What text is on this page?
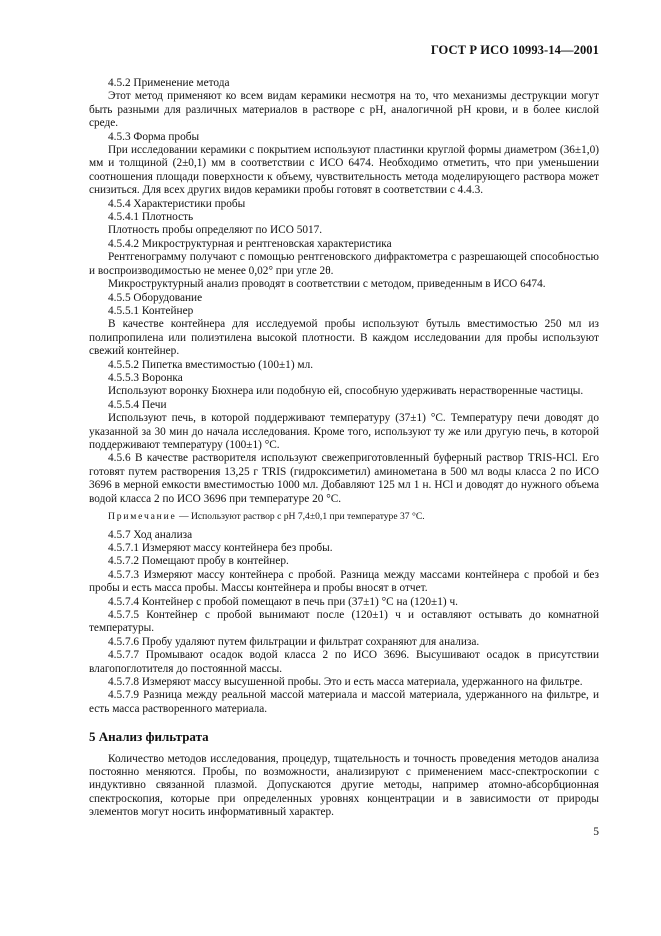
ГОСТ Р ИСО 10993-14—2001

4.5.2 Применение метода

Этот метод применяют ко всем видам керамики несмотря на то, что механизмы деструкции могут быть разными для различных материалов в растворе с pH, аналогичной pH крови, и в более кислой среде.

4.5.3 Форма пробы

При исследовании керамики с покрытием используют пластинки круглой формы диаметром (36±1,0) мм и толщиной (2±0,1) мм в соответствии с ИСО 6474. Необходимо отметить, что при уменьшении соотношения площади поверхности к объему, чувствительность метода моделирующего раствора может снизиться. Для всех других видов керамики пробы готовят в соответствии с 4.4.3.

4.5.4 Характеристики пробы

4.5.4.1 Плотность

Плотность пробы определяют по ИСО 5017.

4.5.4.2 Микроструктурная и рентгеновская характеристика

Рентгенограмму получают с помощью рентгеновского дифрактометра с разрешающей способностью и воспроизводимостью не менее 0,02° при угле 2θ.

Микроструктурный анализ проводят в соответствии с методом, приведенным в ИСО 6474.

4.5.5 Оборудование

4.5.5.1 Контейнер

В качестве контейнера для исследуемой пробы используют бутыль вместимостью 250 мл из полипропилена или полиэтилена высокой плотности. В каждом исследовании для пробы используют свежий контейнер.

4.5.5.2 Пипетка вместимостью (100±1) мл.

4.5.5.3 Воронка

Используют воронку Бюхнера или подобную ей, способную удерживать нерастворенные частицы.

4.5.5.4 Печи

Используют печь, в которой поддерживают температуру (37±1) °С. Температуру печи доводят до указанной за 30 мин до начала исследования. Кроме того, используют ту же или другую печь, в которой поддерживают температуру (100±1) °С.

4.5.6 В качестве растворителя используют свежеприготовленный буферный раствор TRIS-HCl. Его готовят путем растворения 13,25 г TRIS (гидроксиметил) аминометана в 500 мл воды класса 2 по ИСО 3696 в мерной емкости вместимостью 1000 мл. Добавляют 125 мл 1 н. HCl и доводят до нужного объема водой класса 2 по ИСО 3696 при температуре 20 °С.

Примечание — Используют раствор с pH 7,4±0,1 при температуре 37 °С.

4.5.7 Ход анализа

4.5.7.1 Измеряют массу контейнера без пробы.

4.5.7.2 Помещают пробу в контейнер.

4.5.7.3 Измеряют массу контейнера с пробой. Разница между массами контейнера с пробой и без пробы и есть масса пробы. Массы контейнера и пробы вносят в отчет.

4.5.7.4 Контейнер с пробой помещают в печь при (37±1) °С на (120±1) ч.

4.5.7.5 Контейнер с пробой вынимают после (120±1) ч и оставляют остывать до комнатной температуры.

4.5.7.6 Пробу удаляют путем фильтрации и фильтрат сохраняют для анализа.

4.5.7.7 Промывают осадок водой класса 2 по ИСО 3696. Высушивают осадок в присутствии влагопоглотителя до постоянной массы.

4.5.7.8 Измеряют массу высушенной пробы. Это и есть масса материала, удержанного на фильтре.

4.5.7.9 Разница между реальной массой материала и массой материала, удержанного на фильтре, и есть масса растворенного материала.

5 Анализ фильтрата

Количество методов исследования, процедур, тщательность и точность проведения методов анализа постоянно меняются. Пробы, по возможности, анализируют с применением масс-спектроскопии с индуктивно связанной плазмой. Допускаются другие методы, например атомно-абсорбционная спектроскопия, которые при определенных уровнях концентрации и в зависимости от природы элементов могут носить информативный характер.

5
